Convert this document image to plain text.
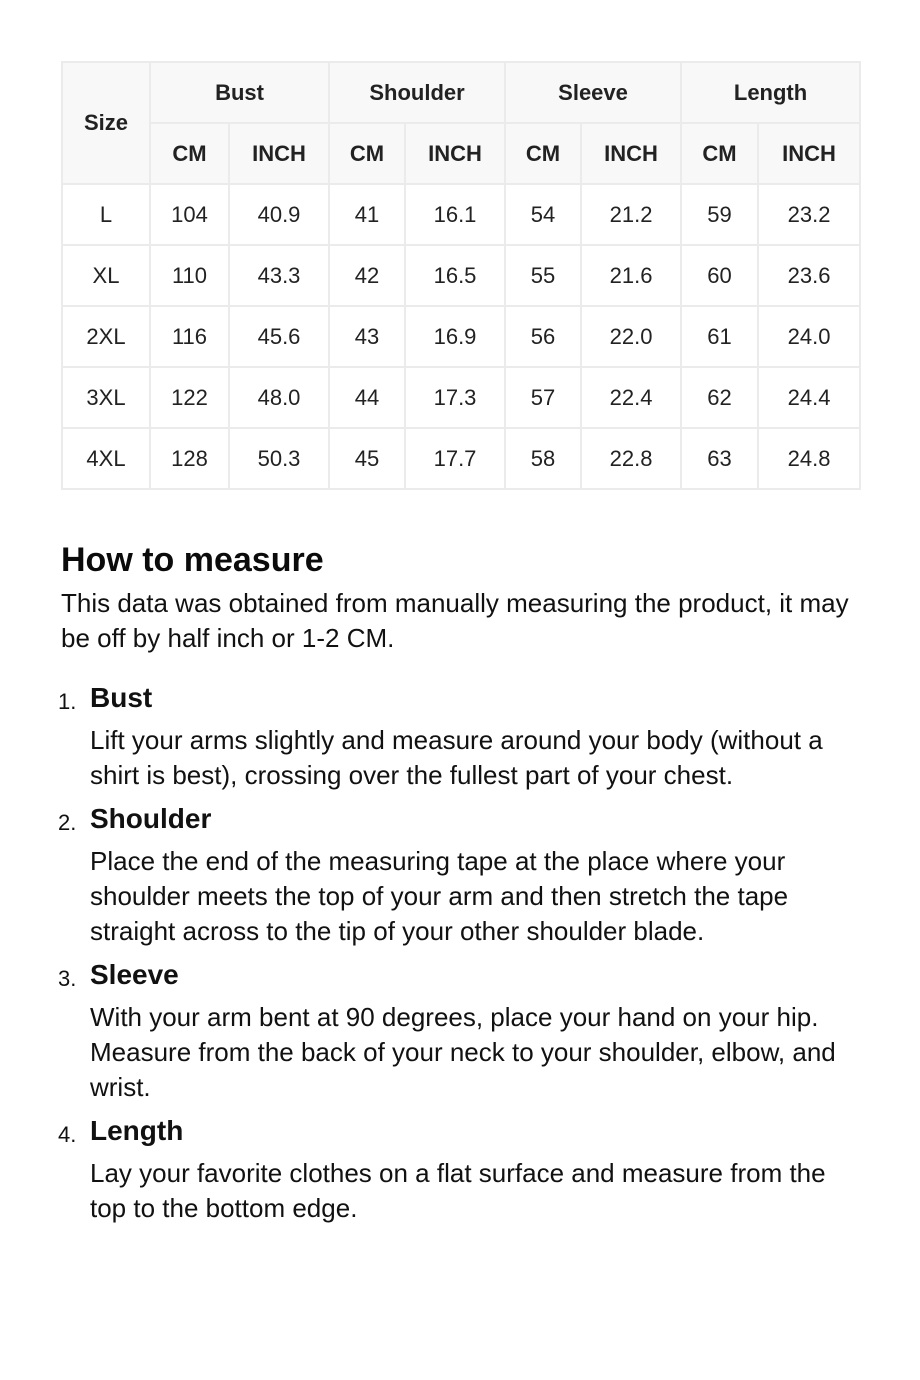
Size	Bust		Shoulder		Sleeve		Length	
	CM	INCH	CM	INCH	CM	INCH	CM	INCH
L	104	40.9	41	16.1	54	21.2	59	23.2
XL	110	43.3	42	16.5	55	21.6	60	23.6
2XL	116	45.6	43	16.9	56	22.0	61	24.0
3XL	122	48.0	44	17.3	57	22.4	62	24.4
4XL	128	50.3	45	17.7	58	22.8	63	24.8
How to measure

This data was obtained from manually measuring the product, it may be off by half inch or 1-2 CM.

1. Bust
Lift your arms slightly and measure around your body (without a shirt is best), crossing over the fullest part of your chest.
2. Shoulder
Place the end of the measuring tape at the place where your shoulder meets the top of your arm and then stretch the tape straight across to the tip of your other shoulder blade.
3. Sleeve
With your arm bent at 90 degrees, place your hand on your hip. Measure from the back of your neck to your shoulder, elbow, and wrist.
4. Length
Lay your favorite clothes on a flat surface and measure from the top to the bottom edge.
